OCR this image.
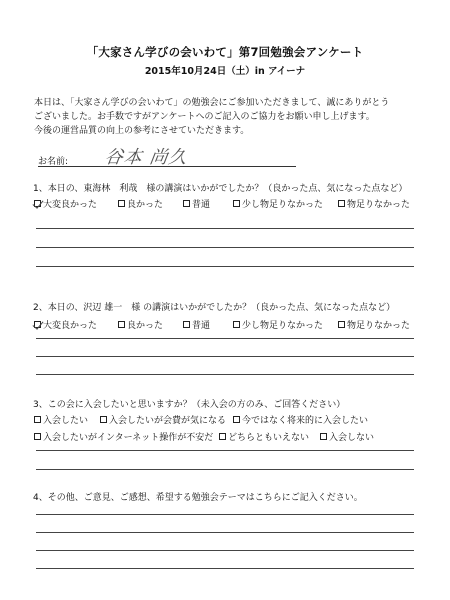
「大家さん学びの会いわて」第7回勉強会アンケート
2015年10月24日（土）in アイーナ
本日は、「大家さん学びの会いわて」の勉強会にご参加いただきまして、誠にありがとう
ございました。お手数ですがアンケートへのご記入のご協力をお願い申し上げます。
今後の運営品質の向上の参考にさせていただきます。
お名前: 谷本 尚久
1、本日の、東海林　利哉　様の講演はいかがでしたか？（良かった点、気になった点など）
大変良かった	良かった	普通	少し物足りなかった	物足りなかった
2、本日の、沢辺 雄一　様 の講演はいかがでしたか？（良かった点、気になった点など）
大変良かった	良かった	普通	少し物足りなかった	物足りなかった
3、この会に入会したいと思いますか？（未入会の方のみ、ご回答ください）
入会したい 入会したいが会費が気になる 今ではなく将来的に入会したい
入会したいがインターネット操作が不安だ どちらともいえない 入会しない
4、その他、ご意見、ご感想、希望する勉強会テーマはこちらにご記入ください。
